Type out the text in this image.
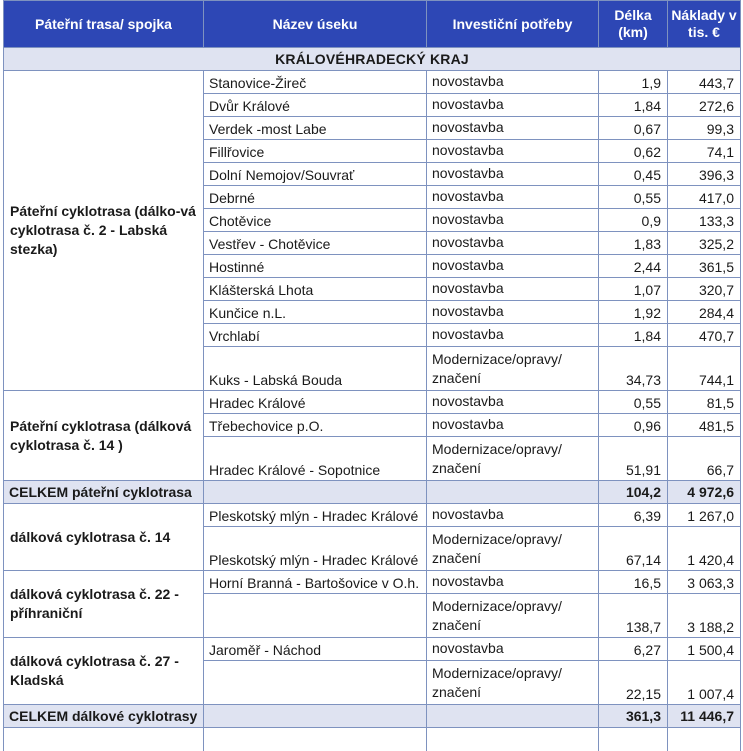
Páteřní trasa/ spojka	Název úseku	Investiční potřeby	Délka (km)	Náklady v tis. €
KRÁLOVÉHRADECKÝ KRAJ				
Páteřní cyklotrasa (dálko-vá cyklotrasa č. 2 - Labská stezka)	Stanovice-Žireč	novostavba	1,9	443,7
	Dvůr Králové	novostavba	1,84	272,6
	Verdek -most Labe	novostavba	0,67	99,3
	Fillřovice	novostavba	0,62	74,1
	Dolní Nemojov/Souvrať	novostavba	0,45	396,3
	Debrné	novostavba	0,55	417,0
	Chotěvice	novostavba	0,9	133,3
	Vestřev - Chotěvice	novostavba	1,83	325,2
	Hostinné	novostavba	2,44	361,5
	Klášterská Lhota	novostavba	1,07	320,7
	Kunčice n.L.	novostavba	1,92	284,4
	Vrchlabí	novostavba	1,84	470,7
	Kuks - Labská Bouda	Modernizace/opravy/ značení	34,73	744,1
Páteřní cyklotrasa (dálková cyklotrasa č. 14 )	Hradec Králové	novostavba	0,55	81,5
	Třebechovice p.O.	novostavba	0,96	481,5
	Hradec Králové - Sopotnice	Modernizace/opravy/ značení	51,91	66,7
CELKEM páteřní cyklotrasa			104,2	4 972,6
dálková cyklotrasa č. 14	Pleskotský mlýn - Hradec Králové	novostavba	6,39	1 267,0
	Pleskotský mlýn - Hradec Králové	Modernizace/opravy/ značení	67,14	1 420,4
dálková cyklotrasa č. 22 - příhraniční	Horní Branná - Bartošovice v O.h.	novostavba	16,5	3 063,3
		Modernizace/opravy/ značení	138,7	3 188,2
dálková cyklotrasa č. 27 - Kladská	Jaroměř - Náchod	novostavba	6,27	1 500,4
		Modernizace/opravy/ značení	22,15	1 007,4
CELKEM dálkové cyklotrasy			361,3	11 446,7
